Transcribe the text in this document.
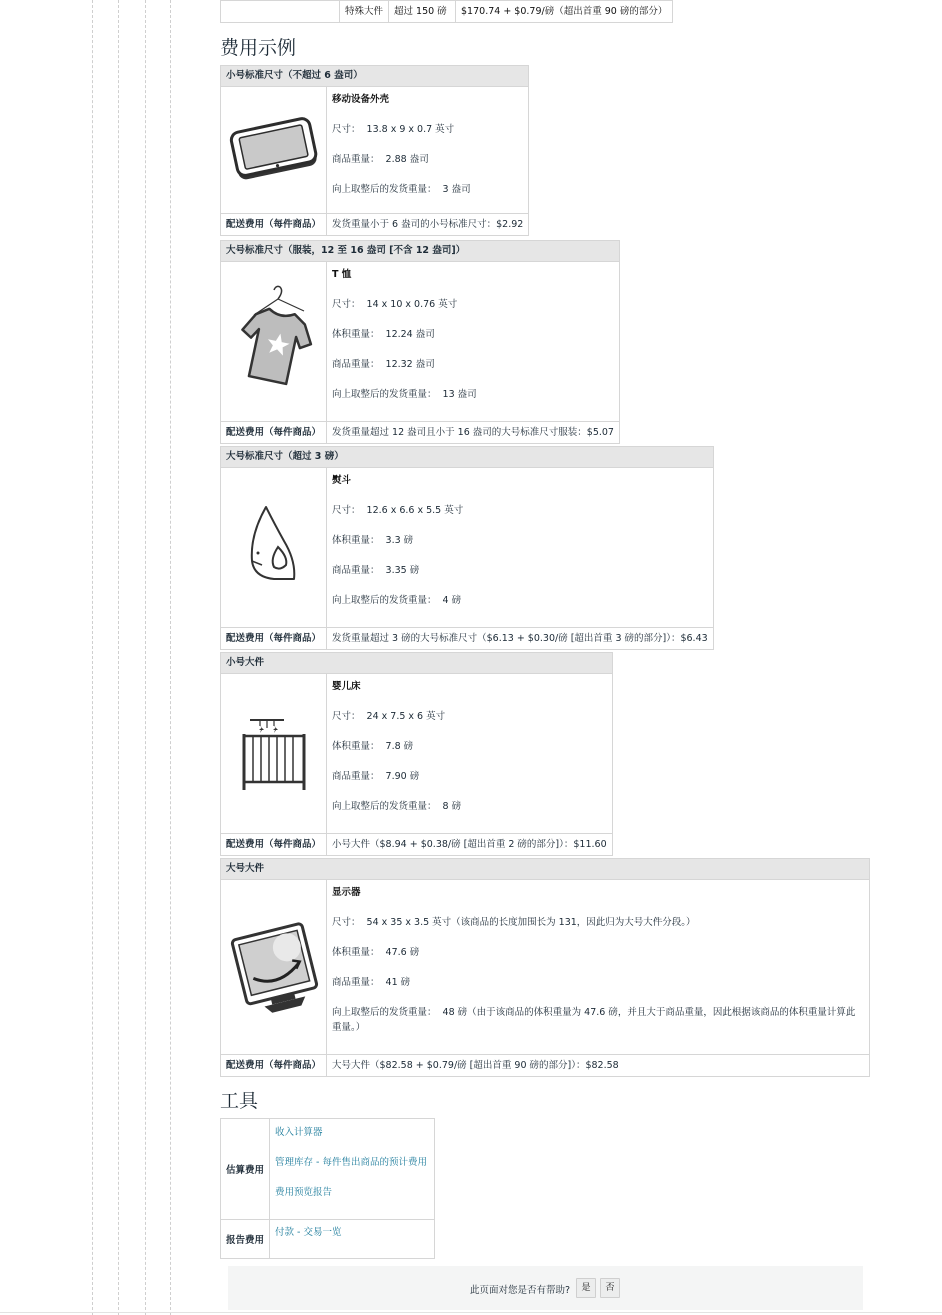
	特殊大件	超过 150 磅	$170.74 + $0.79/磅（超出首重 90 磅的部分）
费用示例
小号标准尺寸（不超过 6 盎司）	

移动设备外壳

尺寸： 13.8 x 9 x 0.7 英寸

商品重量： 2.88 盎司

向上取整后的发货重量： 3 盎司

配送费用（每件商品）	发货重量小于 6 盎司的小号标准尺寸：$2.92
大号标准尺寸（服装，12 至 16 盎司 [不含 12 盎司]）	

T 恤

尺寸： 14 x 10 x 0.76 英寸

体积重量： 12.24 盎司

商品重量： 12.32 盎司

向上取整后的发货重量： 13 盎司

配送费用（每件商品）	发货重量超过 12 盎司且小于 16 盎司的大号标准尺寸服装：$5.07
大号标准尺寸（超过 3 磅）	

熨斗

尺寸： 12.6 x 6.6 x 5.5 英寸

体积重量： 3.3 磅

商品重量： 3.35 磅

向上取整后的发货重量： 4 磅

配送费用（每件商品）	发货重量超过 3 磅的大号标准尺寸（$6.13 + $0.30/磅 [超出首重 3 磅的部分]）：$6.43
小号大件	

婴儿床

尺寸： 24 x 7.5 x 6 英寸

体积重量： 7.8 磅

商品重量： 7.90 磅

向上取整后的发货重量： 8 磅

配送费用（每件商品）	小号大件（$8.94 + $0.38/磅 [超出首重 2 磅的部分]）：$11.60
大号大件	

显示器

尺寸： 54 x 35 x 3.5 英寸（该商品的长度加围长为 131，因此归为大号大件分段。）

体积重量： 47.6 磅

商品重量： 41 磅

向上取整后的发货重量： 48 磅（由于该商品的体积重量为 47.6 磅，并且大于商品重量，因此根据该商品的体积重量计算此重量。）

配送费用（每件商品）	大号大件（$82.58 + $0.79/磅 [超出首重 90 磅的部分]）：$82.58
工具
估算费用	收入计算器
管理库存 - 每件售出商品的预计费用
费用预览报告

报告费用	付款 - 交易一览
此页面对您是否有帮助?	是	否
